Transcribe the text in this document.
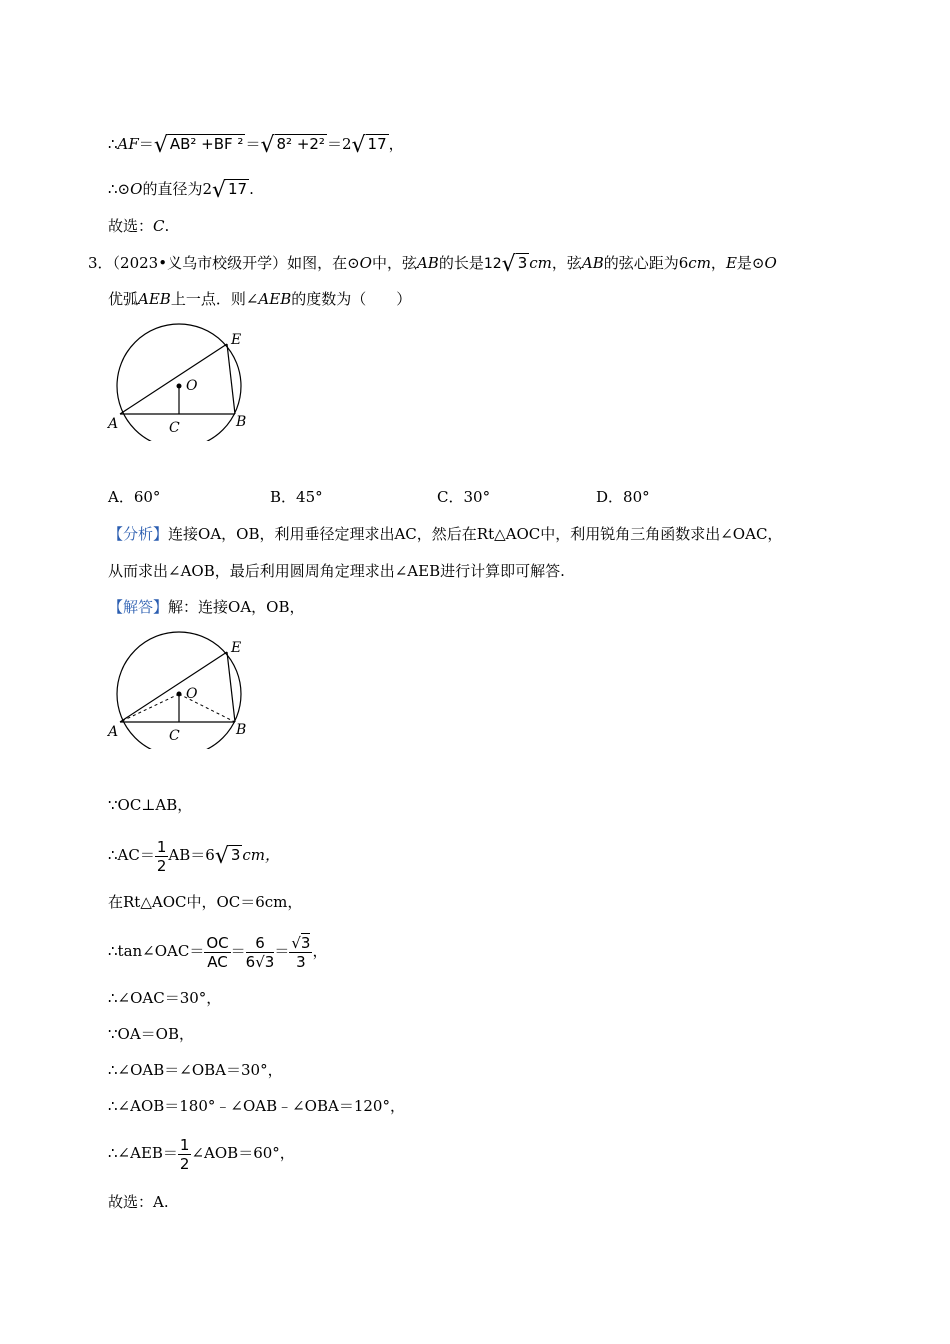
∴AF＝√ AB² +BF ² ＝√ 8² +2² ＝2√ 17 ，
∴⊙O的直径为2√ 17 .
故选：C.
3．（2023•义乌市校级开学）如图，在⊙O中，弦AB的长是12√ 3 cm，弦AB的弦心距为6cm，E是⊙O
优弧AEB上一点．则∠AEB的度数为（　　）
A	B
C
E
O
A．60°	B．45°	C．30°	D．80°
【分析】连接OA，OB，利用垂径定理求出AC，然后在Rt△AOC中，利用锐角三角函数求出∠OAC，
从而求出∠AOB，最后利用圆周角定理求出∠AEB进行计算即可解答.
【解答】解：连接OA，OB，
A	B
C
E
O
∵OC⊥AB，
∴AC＝ $\frac{1}{2} AB=6√$ 3 cm，
在Rt△AOC中，OC＝6cm，
∴tan∠OAC＝ $\frac{OC}{AC} = \frac{6}{6√3} = \frac{√3}{3}$ ，
∴∠OAC＝30°，
∵OA＝OB，
∴∠OAB＝∠OBA＝30°，
∴∠AOB＝180°﹣∠OAB﹣∠OBA＝120°，
∴∠AEB＝ $\frac{1}{2}$ ∠AOB＝60°，
故选：A.
